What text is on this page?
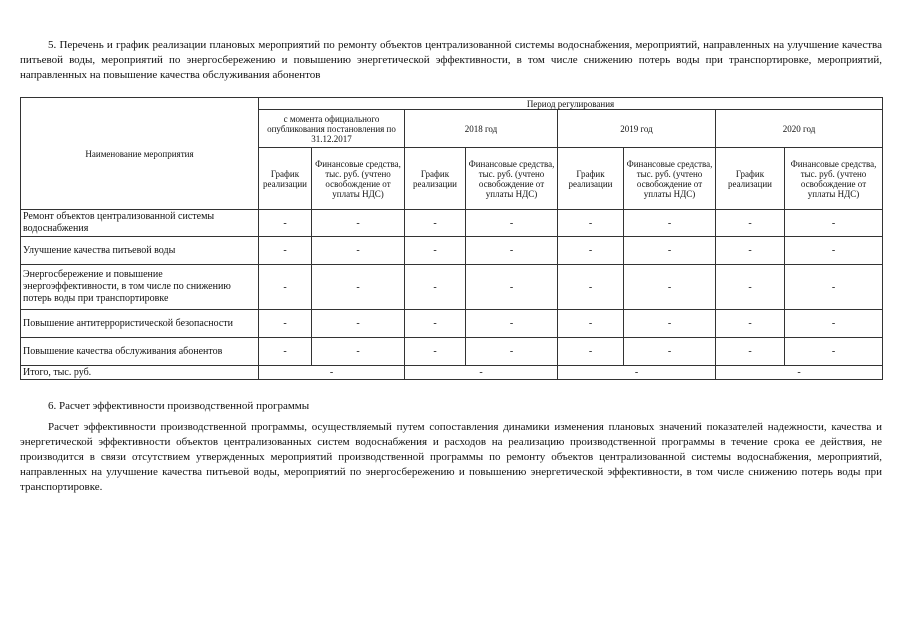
5. Перечень и график реализации плановых мероприятий по ремонту объектов централизованной системы водоснабжения, мероприятий, направленных на улучшение качества питьевой воды, мероприятий по энергосбережению и повышению энергетической эффективности, в том числе снижению потерь воды при транспортировке, мероприятий, направленных на повышение качества обслуживания абонентов
Наименование мероприятия	Период регулирования							
	с момента официального опубликования постановления по 31.12.2017		2018 год		2019 год		2020 год	
	График реализации	Финансовые средства, тыс. руб. (учтено освобождение от уплаты НДС)	График реализации	Финансовые средства, тыс. руб. (учтено освобождение от уплаты НДС)	График реализации	Финансовые средства, тыс. руб. (учтено освобождение от уплаты НДС)	График реализации	Финансовые средства, тыс. руб. (учтено освобождение от уплаты НДС)
Ремонт объектов централизованной системы водоснабжения	-	-	-	-	-	-	-	-
Улучшение качества питьевой воды	-	-	-	-	-	-	-	-
Энергосбережение и повышение энергоэффективности, в том числе по снижению потерь воды при транспортировке	-	-	-	-	-	-	-	-
Повышение антитеррористической безопасности	-	-	-	-	-	-	-	-
Повышение качества обслуживания абонентов	-	-	-	-	-	-	-	-
Итого, тыс. руб.	-		-		-		-	
6. Расчет эффективности производственной программы
Расчет эффективности производственной программы, осуществляемый путем сопоставления динамики изменения плановых значений показателей надежности, качества и энергетической эффективности объектов централизованных систем водоснабжения и расходов на реализацию производственной программы в течение срока ее действия, не производится в связи отсутствием утвержденных мероприятий производственной программы по ремонту объектов централизованной системы водоснабжения, мероприятий, направленных на улучшение качества питьевой воды, мероприятий по энергосбережению и повышению энергетической эффективности, в том числе снижению потерь воды при транспортировке.
